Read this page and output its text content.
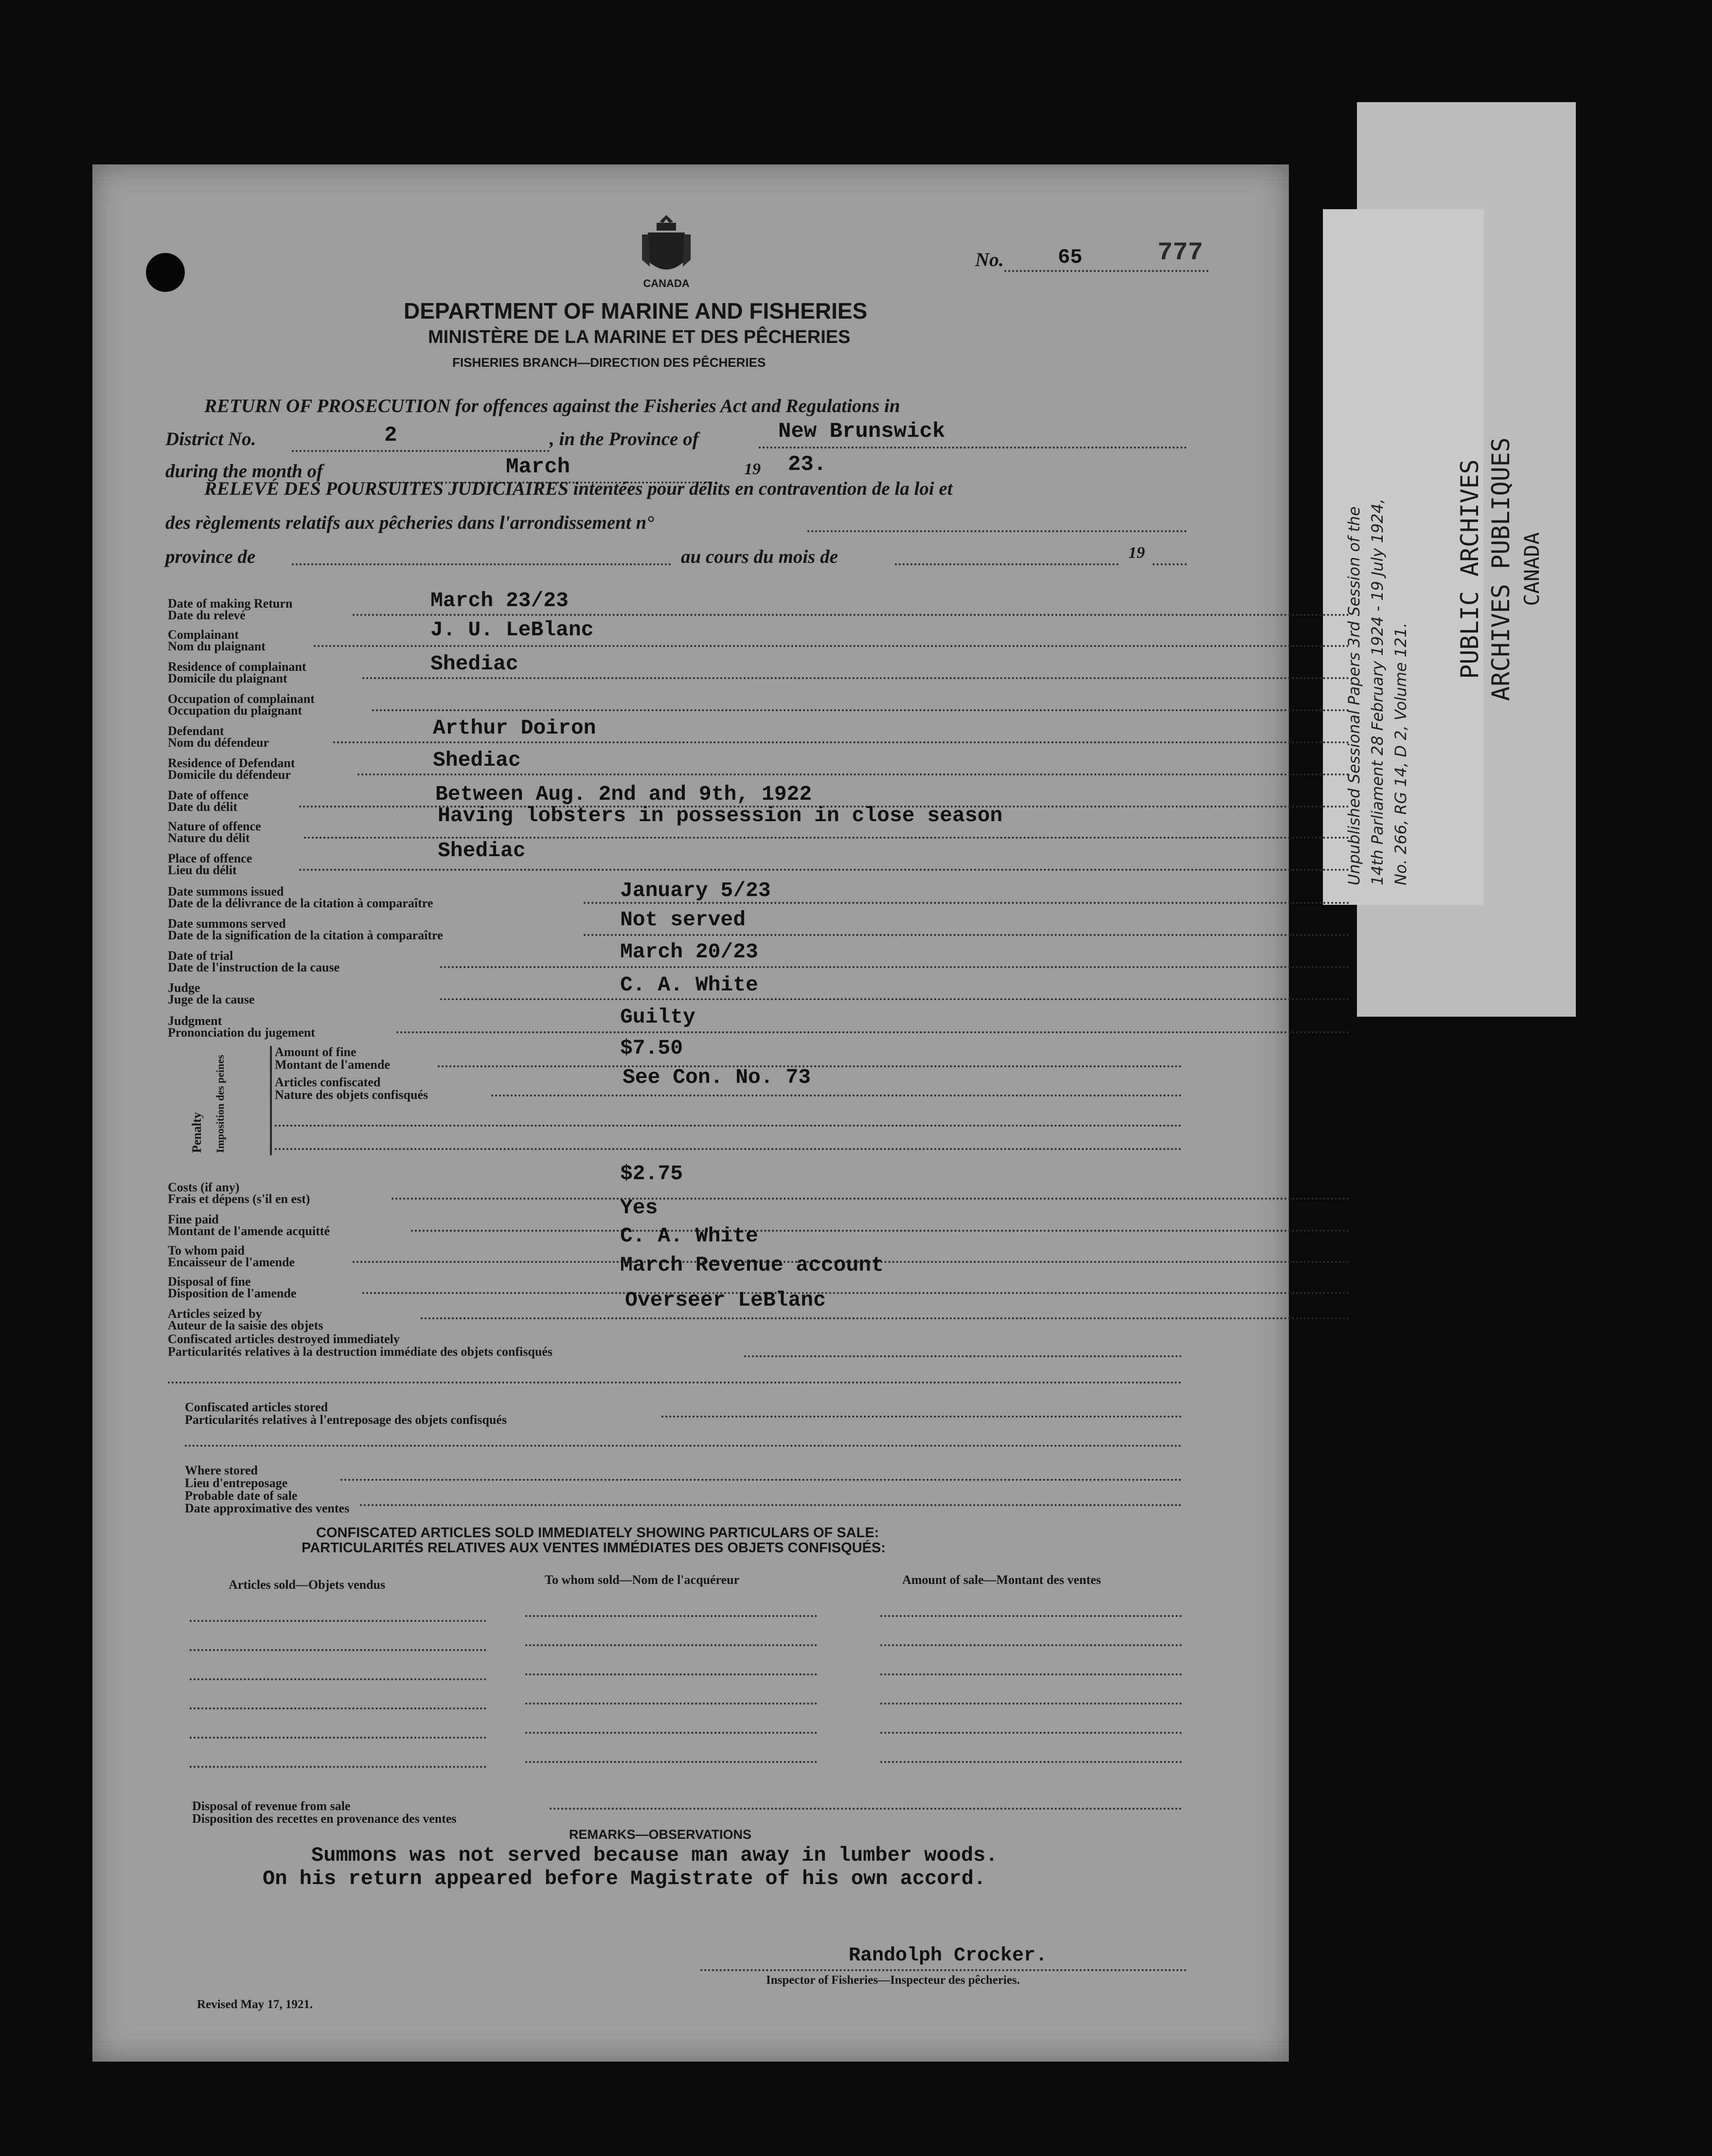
Unpublished Sessional Papers 3rd Session of the 14th Parliament 28 February 1924 - 19 July 1924, No. 266, RG 14, D 2, Volume 121.
PUBLIC ARCHIVES ARCHIVES PUBLIQUES CANADA
CANADA
No.	65	777
DEPARTMENT OF MARINE AND FISHERIES
MINISTÈRE DE LA MARINE ET DES PÊCHERIES
FISHERIES BRANCH—DIRECTION DES PÊCHERIES
RETURN OF PROSECUTION for offences against the Fisheries Act and Regulations in
District No.	2	, in the Province of	New Brunswick
during the month of	March	19 23.
RELEVÉ DES POURSUITES JUDICIAIRES intentées pour délits en contravention de la loi et
des règlements relatifs aux pêcheries dans l'arrondissement n°
province de	au cours du mois de	19
Date of making Return
Date du relevé
March 23/23
Complainant
Nom du plaignant
J. U. LeBlanc
Residence of complainant
Domicile du plaignant
Shediac
Occupation of complainant
Occupation du plaignant
Defendant
Nom du défendeur
Arthur Doiron
Residence of Defendant
Domicile du défendeur
Shediac
Date of offence
Date du délit
Between Aug. 2nd and 9th, 1922
Nature of offence
Nature du délit
Having lobsters in possession in close season
Place of offence
Lieu du délit
Shediac
Date summons issued
Date de la délivrance de la citation à comparaître
January 5/23
Date summons served
Date de la signification de la citation à comparaître
Not served
Date of trial
Date de l'instruction de la cause
March 20/23
Judge
Juge de la cause
C. A. White
Judgment
Prononciation du jugement
Guilty
Penalty Imposition des peines
Amount of fine
Montant de l'amende
$7.50
Articles confiscated
Nature des objets confisqués
See Con. No. 73
Costs (if any)
Frais et dépens (s'il en est)
$2.75
Fine paid
Montant de l'amende acquitté
Yes
To whom paid
Encaisseur de l'amende
C. A. White
Disposal of fine
Disposition de l'amende
March Revenue account
Articles seized by
Auteur de la saisie des objets
Overseer LeBlanc
Confiscated articles destroyed immediately
Particularités relatives à la destruction immédiate des objets confisqués
Confiscated articles stored
Particularités relatives à l'entreposage des objets confisqués
Where stored
Lieu d'entreposage
Probable date of sale
Date approximative des ventes
CONFISCATED ARTICLES SOLD IMMEDIATELY SHOWING PARTICULARS OF SALE:
PARTICULARITÉS RELATIVES AUX VENTES IMMÉDIATES DES OBJETS CONFISQUÉS:
Articles sold—Objets vendus	To whom sold—Nom de l'acquéreur	Amount of sale—Montant des ventes
Disposal of revenue from sale
Disposition des recettes en provenance des ventes
REMARKS—OBSERVATIONS
Summons was not served because man away in lumber woods.
On his return appeared before Magistrate of his own accord.
Randolph Crocker.
Inspector of Fisheries—Inspecteur des pêcheries.
Revised May 17, 1921.
